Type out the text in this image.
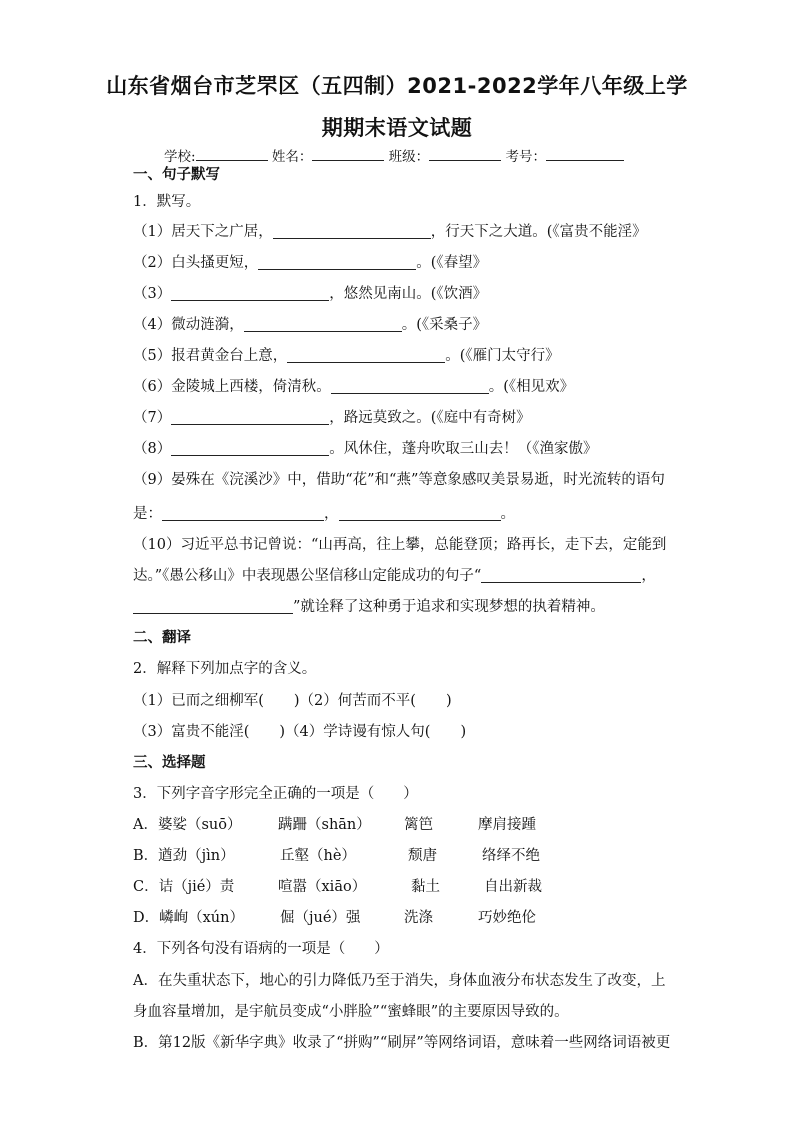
山东省烟台市芝罘区（五四制）2021-2022学年八年级上学
期期末语文试题
学校:	姓名：	班级：	考号：
一、句子默写
1．默写。
（1）居天下之广居，	，行天下之大道。(《富贵不能淫》
（2）白头搔更短，	。(《春望》
（3）	，悠然见南山。(《饮酒》
（4）微动涟漪，	。(《采桑子》
（5）报君黄金台上意，	。(《雁门太守行》
（6）金陵城上西楼，倚清秋。	。(《相见欢》
（7）	，路远莫致之。(《庭中有奇树》
（8）	。风休住，蓬舟吹取三山去！（《渔家傲》
（9）晏殊在《浣溪沙》中，借助“花”和“燕”等意象感叹美景易逝，时光流转的语句
是：	，	。
（10）习近平总书记曾说：“山再高，往上攀，总能登顶；路再长，走下去，定能到
达。”《愚公移山》中表现愚公坚信移山定能成功的句子“	，
”就诠释了这种勇于追求和实现梦想的执着精神。
二、翻译
2．解释下列加点字的含义。
（1）已而之细柳军( )（2）何苦而不平( )
（3）富贵不能淫( )（4）学诗谩有惊人句( )
三、选择题
3．下列字音字形完全正确的一项是（　　）
A．婆娑（suō）	蹒跚（shān） 篱笆	摩肩接踵
B．遒劲（jìn）	丘壑（hè）	颓唐	络绎不绝
C．诘（jié）责	喧嚣（xiāo）	黏土	自出新裁
D．嶙峋（xún） 倔（jué）强	洗涤	巧妙绝伦
4．下列各句没有语病的一项是（　　）
A．在失重状态下，地心的引力降低乃至于消失，身体血液分布状态发生了改变，上
身血容量增加，是宇航员变成“小胖脸”“蜜蜂眼”的主要原因导致的。
B．第12版《新华字典》收录了“拼购”“刷屏”等网络词语，意味着一些网络词语被更
